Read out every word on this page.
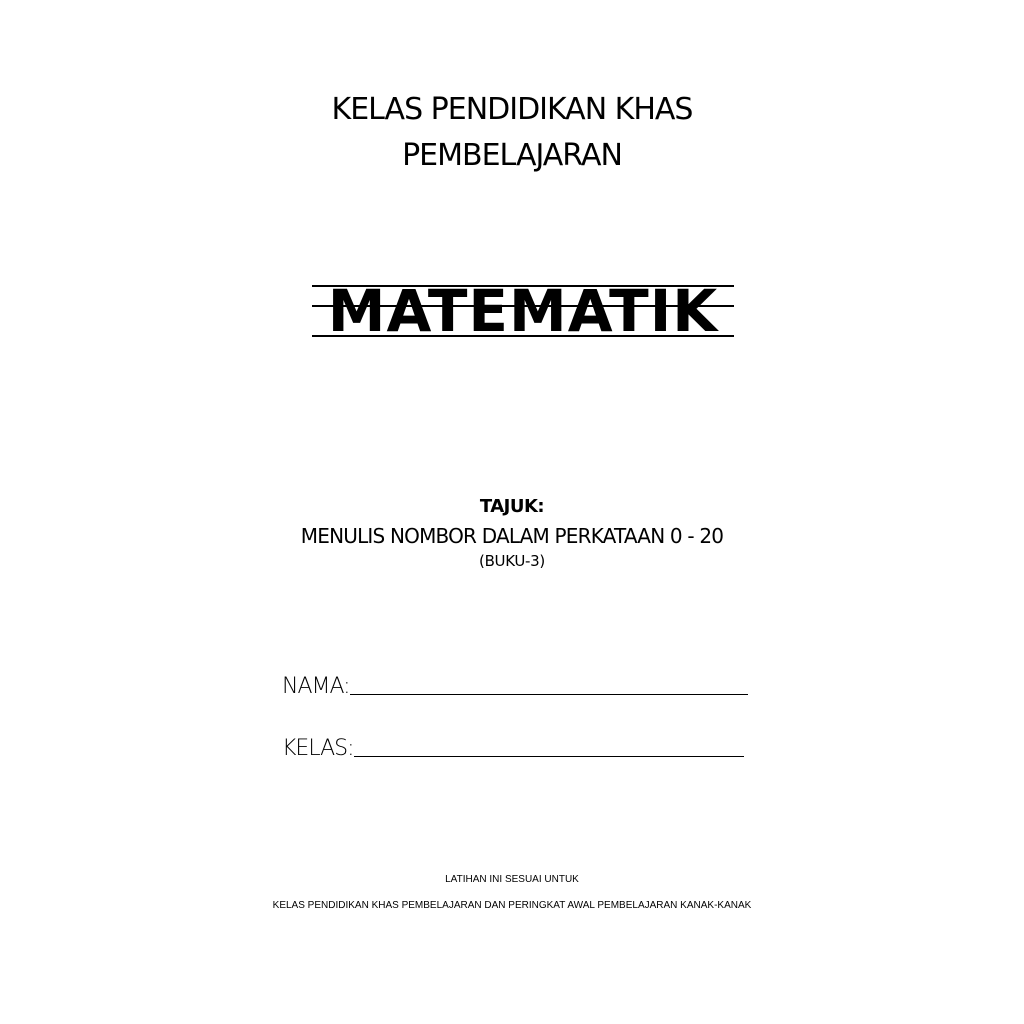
KELAS PENDIDIKAN KHAS
PEMBELAJARAN
MATEMATIK
TAJUK:
MENULIS NOMBOR DALAM PERKATAAN 0 - 20
(BUKU-3)
NAMA:
KELAS:
LATIHAN INI SESUAI UNTUK
KELAS PENDIDIKAN KHAS PEMBELAJARAN DAN PERINGKAT AWAL PEMBELAJARAN KANAK-KANAK
